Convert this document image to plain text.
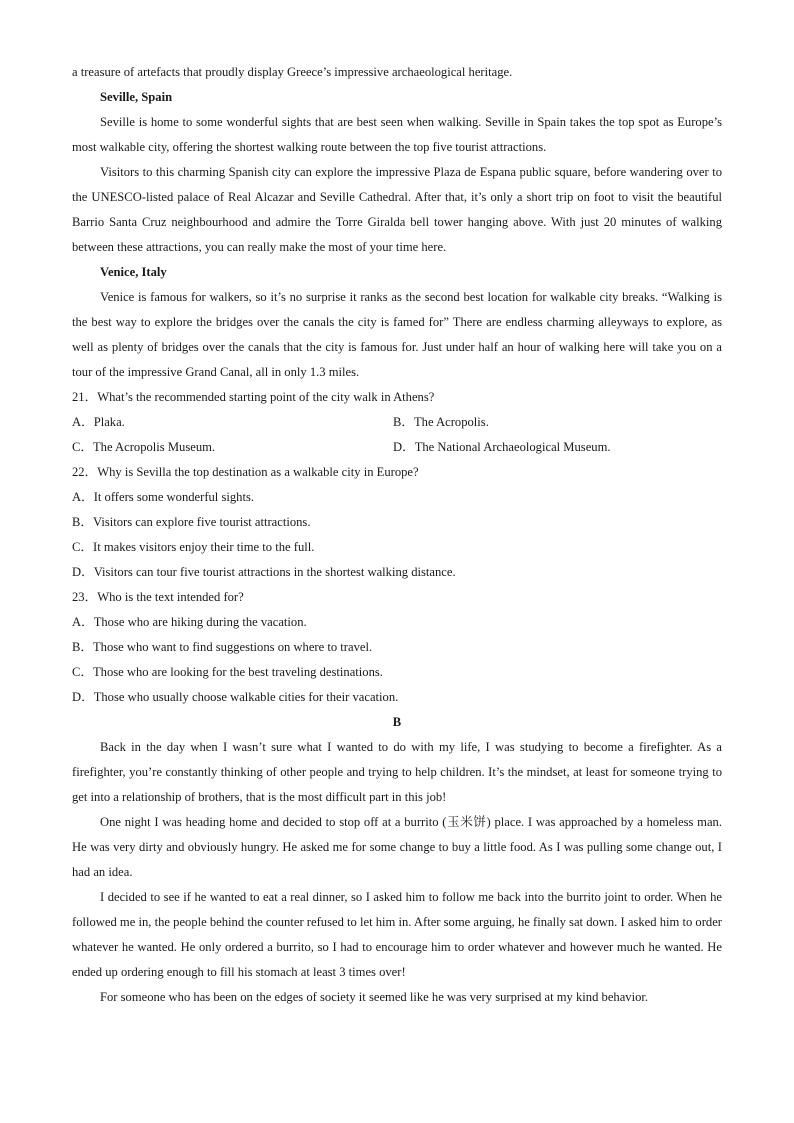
a treasure of artefacts that proudly display Greece’s impressive archaeological heritage.

Seville, Spain

Seville is home to some wonderful sights that are best seen when walking. Seville in Spain takes the top spot as Europe’s most walkable city, offering the shortest walking route between the top five tourist attractions.

Visitors to this charming Spanish city can explore the impressive Plaza de Espana public square, before wandering over to the UNESCO-listed palace of Real Alcazar and Seville Cathedral. After that, it’s only a short trip on foot to visit the beautiful Barrio Santa Cruz neighbourhood and admire the Torre Giralda bell tower hanging above. With just 20 minutes of walking between these attractions, you can really make the most of your time here.

Venice, Italy

Venice is famous for walkers, so it’s no surprise it ranks as the second best location for walkable city breaks. “Walking is the best way to explore the bridges over the canals the city is famed for” There are endless charming alleyways to explore, as well as plenty of bridges over the canals that the city is famous for. Just under half an hour of walking here will take you on a tour of the impressive Grand Canal, all in only 1.3 miles.

21．What’s the recommended starting point of the city walk in Athens?

A．Plaka.	B．The Acropolis.
C．The Acropolis Museum.	D．The National Archaeological Museum.

22．Why is Sevilla the top destination as a walkable city in Europe?

A．It offers some wonderful sights.

B．Visitors can explore five tourist attractions.

C．It makes visitors enjoy their time to the full.

D．Visitors can tour five tourist attractions in the shortest walking distance.

23．Who is the text intended for?

A．Those who are hiking during the vacation.

B．Those who want to find suggestions on where to travel.

C．Those who are looking for the best traveling destinations.

D．Those who usually choose walkable cities for their vacation.

B

Back in the day when I wasn’t sure what I wanted to do with my life, I was studying to become a firefighter. As a firefighter, you’re constantly thinking of other people and trying to help children. It’s the mindset, at least for someone trying to get into a relationship of brothers, that is the most difficult part in this job!

One night I was heading home and decided to stop off at a burrito (玉米饼) place. I was approached by a homeless man. He was very dirty and obviously hungry. He asked me for some change to buy a little food. As I was pulling some change out, I had an idea.

I decided to see if he wanted to eat a real dinner, so I asked him to follow me back into the burrito joint to order. When he followed me in, the people behind the counter refused to let him in. After some arguing, he finally sat down. I asked him to order whatever he wanted. He only ordered a burrito, so I had to encourage him to order whatever and however much he wanted. He ended up ordering enough to fill his stomach at least 3 times over!

For someone who has been on the edges of society it seemed like he was very surprised at my kind behavior.
